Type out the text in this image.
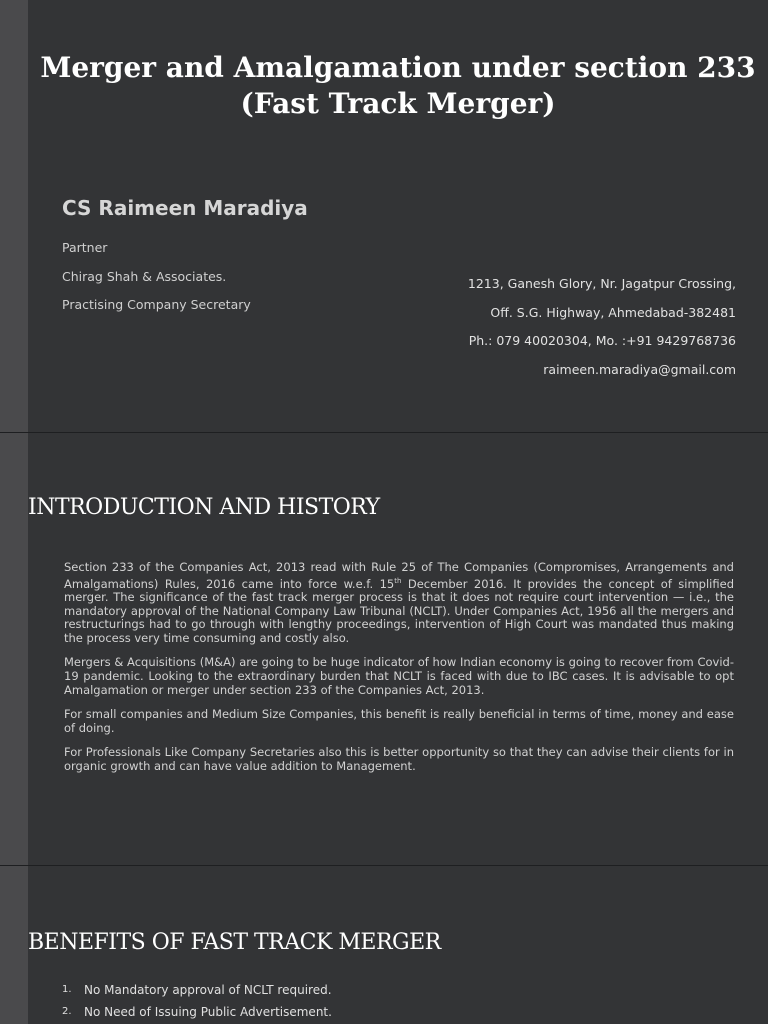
Merger and Amalgamation under section 233
(Fast Track Merger)
CS Raimeen Maradiya
Partner
Chirag Shah & Associates.
Practising Company Secretary
1213, Ganesh Glory, Nr. Jagatpur Crossing,
Off. S.G. Highway, Ahmedabad-382481
Ph.: 079 40020304, Mo. :+91 9429768736
raimeen.maradiya@gmail.com
INTRODUCTION AND HISTORY

Section 233 of the Companies Act, 2013 read with Rule 25 of The Companies (Compromises, Arrangements and Amalgamations) Rules, 2016 came into force w.e.f. 15th December 2016. It provides the concept of simplified merger. The significance of the fast track merger process is that it does not require court intervention — i.e., the mandatory approval of the National Company Law Tribunal (NCLT). Under Companies Act, 1956 all the mergers and restructurings had to go through with lengthy proceedings, intervention of High Court was mandated thus making the process very time consuming and costly also.

Mergers & Acquisitions (M&A) are going to be huge indicator of how Indian economy is going to recover from Covid-19 pandemic. Looking to the extraordinary burden that NCLT is faced with due to IBC cases. It is advisable to opt Amalgamation or merger under section 233 of the Companies Act, 2013.

For small companies and Medium Size Companies, this benefit is really beneficial in terms of time, money and ease of doing.

For Professionals Like Company Secretaries also this is better opportunity so that they can advise their clients for in organic growth and can have value addition to Management.

BENEFITS OF FAST TRACK MERGER
1. No Mandatory approval of NCLT required.
2. No Need of Issuing Public Advertisement.
